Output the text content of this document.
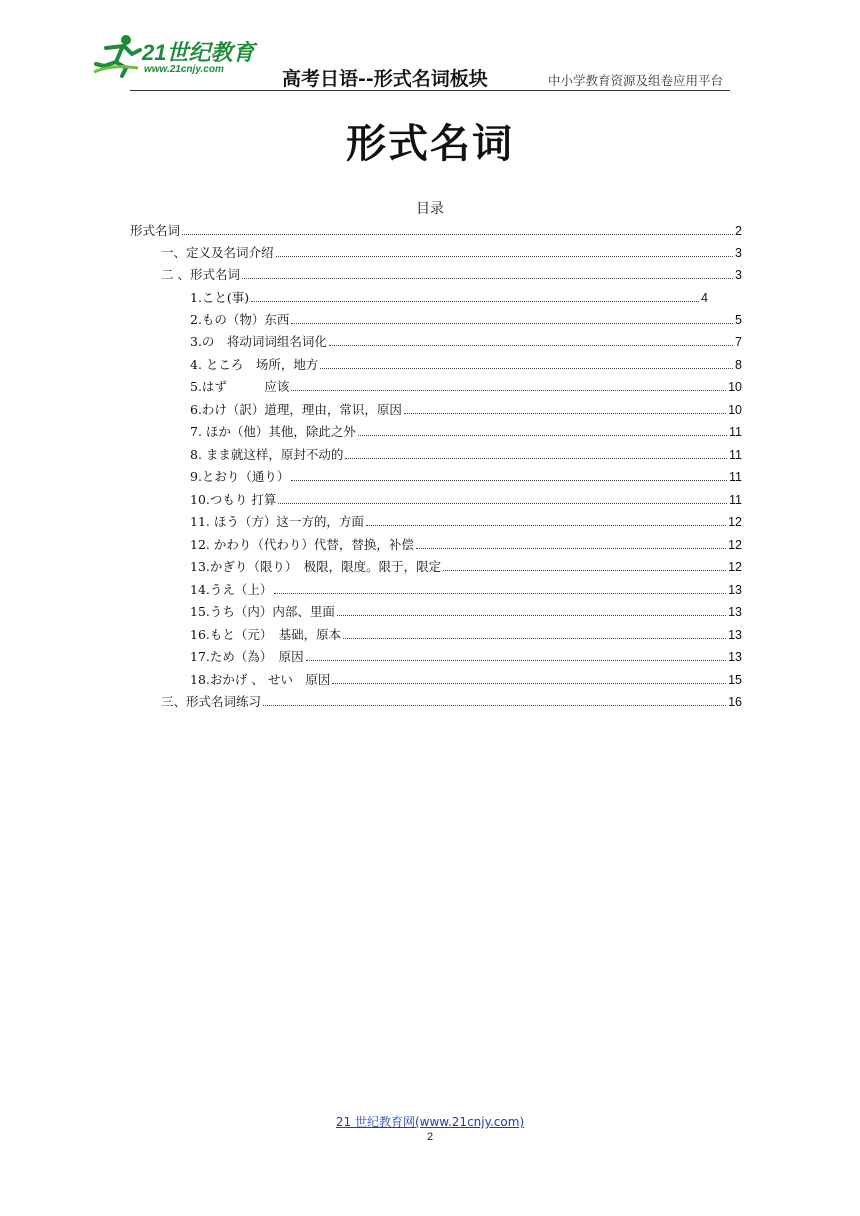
21世纪教育
www.21cnjy.com	高考日语--形式名词板块	中小学教育资源及组卷应用平台
形式名词
目录
形式名词	2
一、定义及名词介绍	3
二 、形式名词	3
1.こと(事)	4
2.もの（物）东西	5
3.の　将动词词组名词化	7
4. ところ　场所，地方	8
5.はず　　　应该	10
6.わけ（訳）道理，理由，常识，原因	10
7. ほか（他）其他，除此之外	11
8. まま就这样，原封不动的	11
9.とおり（通り）	11
10.つもり 打算	11
11. ほう（方）这一方的，方面	12
12. かわり（代わり）代替，替换，补偿	12
13.かぎり（限り）　极限，限度。限于，限定	12
14.うえ（上）	13
15.うち（内）内部、里面	13
16.もと（元）　基础，原本	13
17.ため（為）　原因	13
18.おかげ 、 せい　原因	15
三、形式名词练习	16
21 世纪教育网(www.21cnjy.com)
2
